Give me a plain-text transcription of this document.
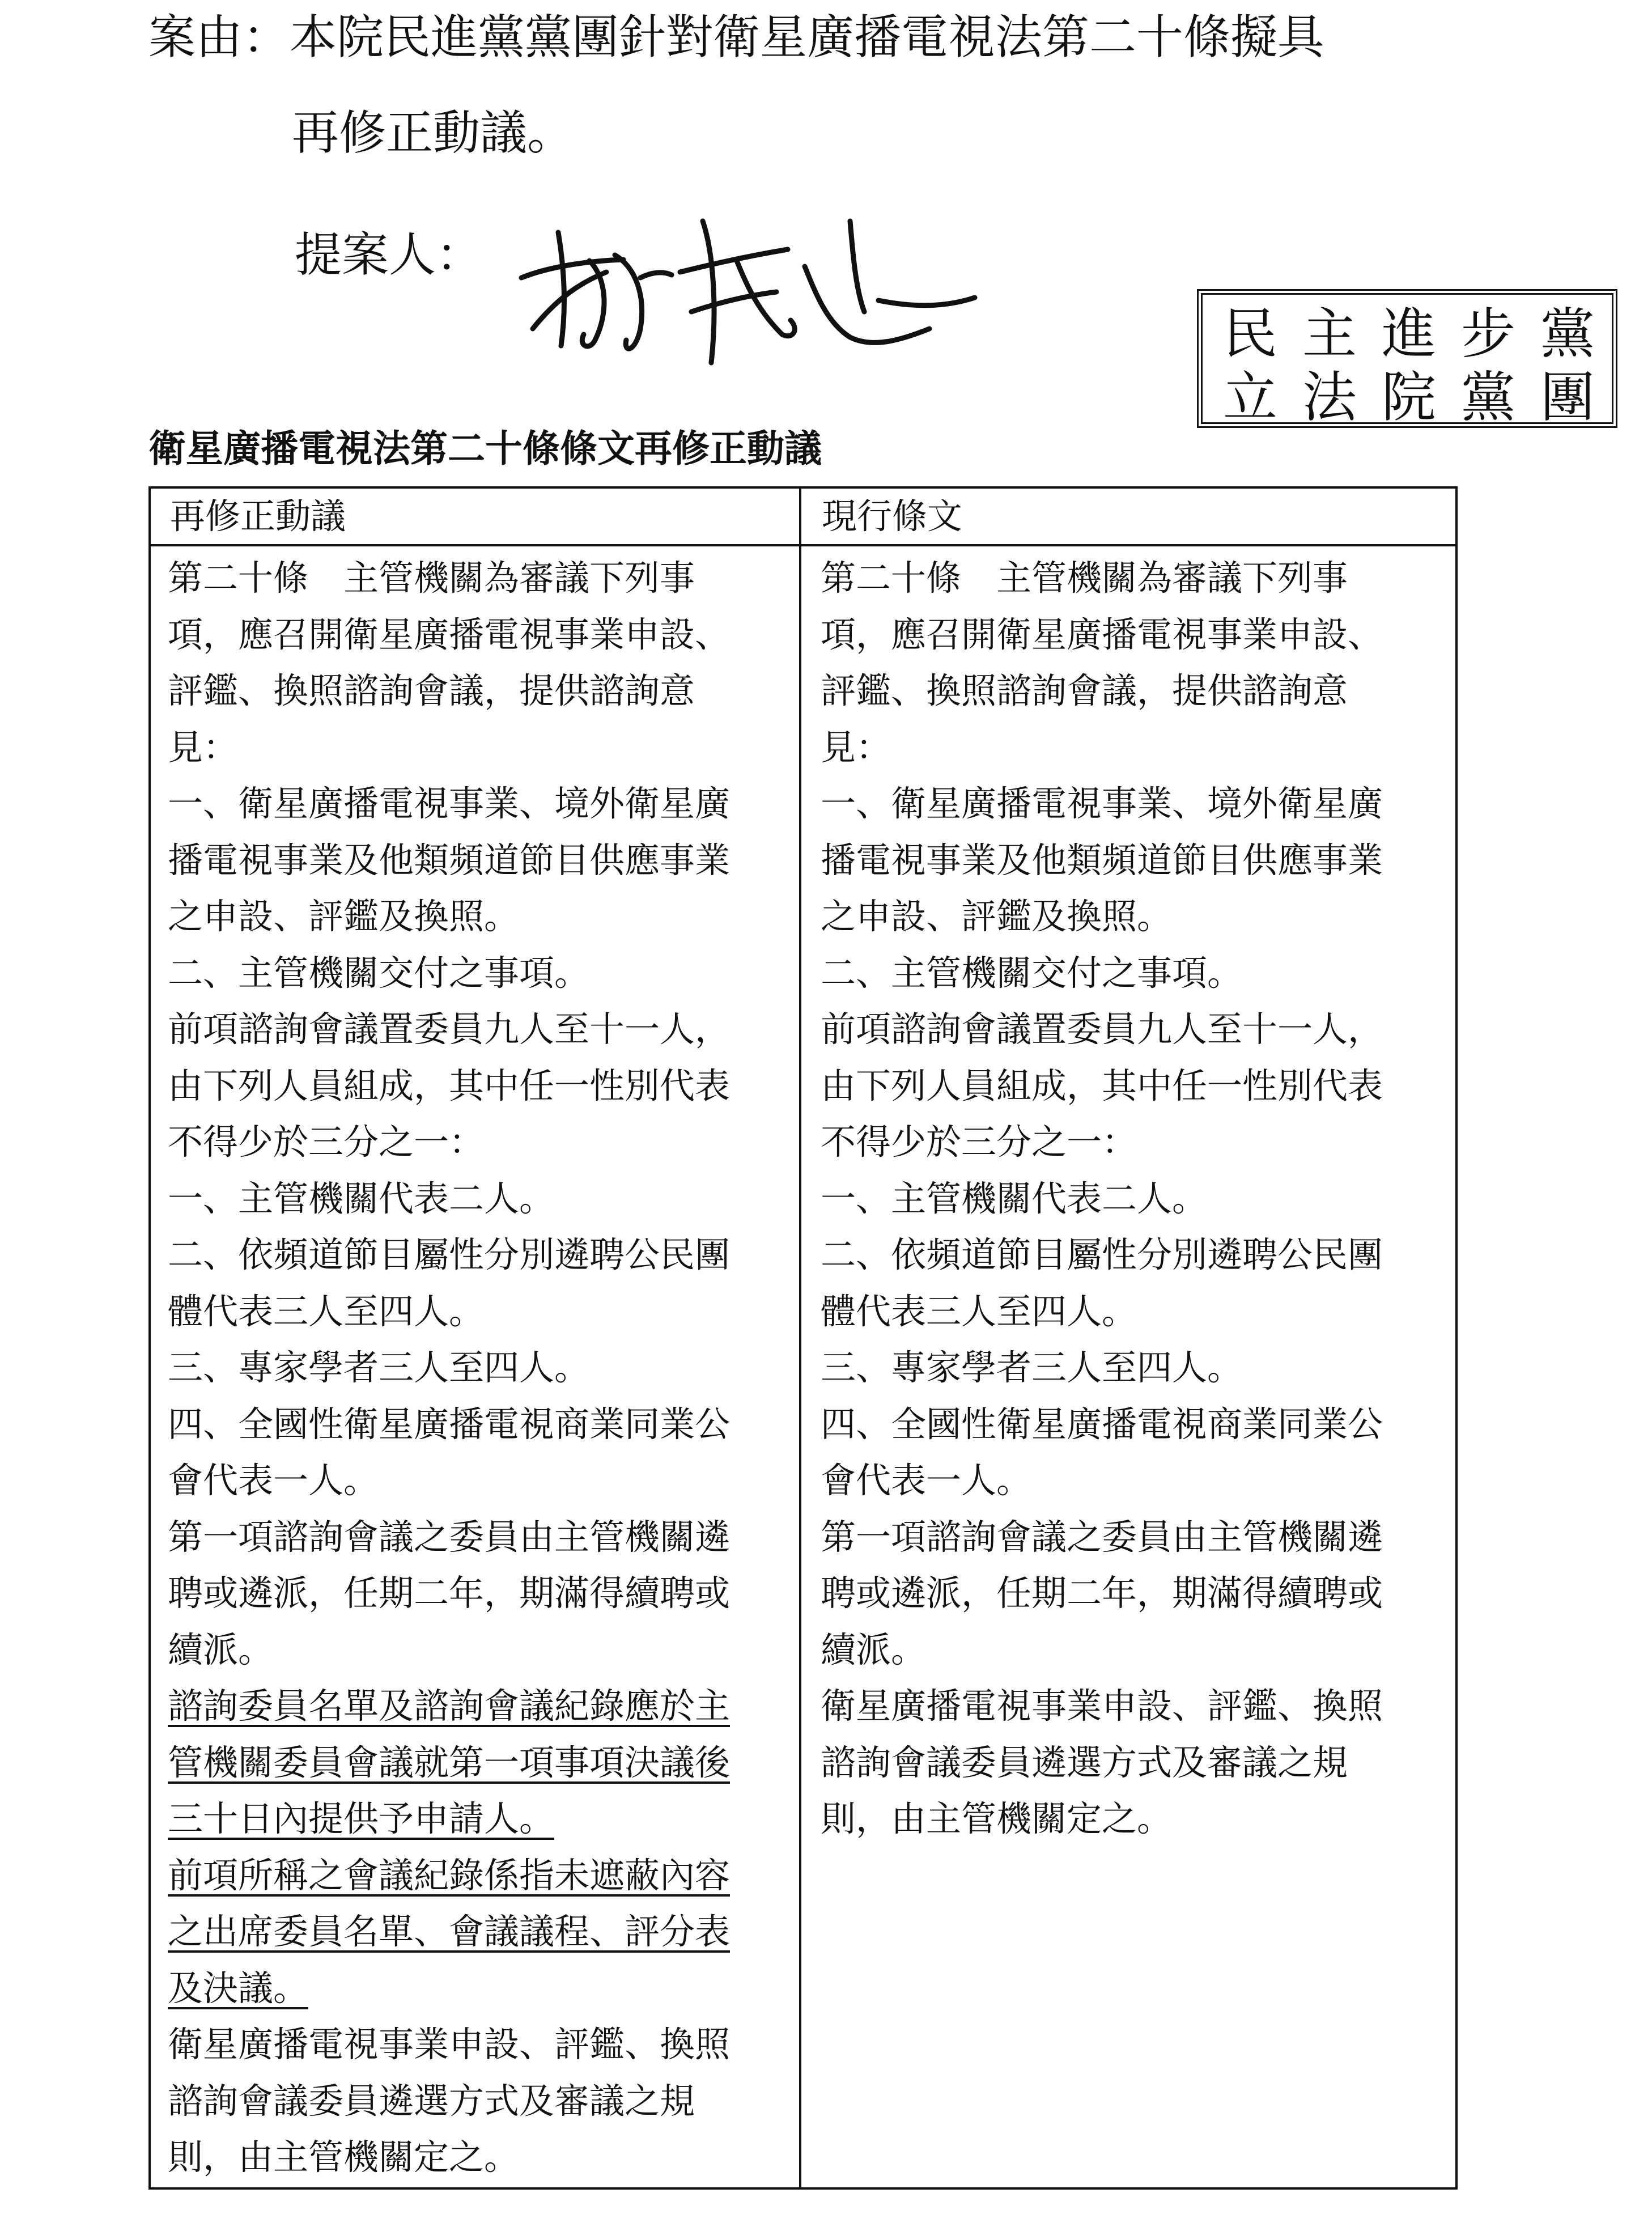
案由：本院民進黨黨團針對衛星廣播電視法第二十條擬具
再修正動議。
提案人：
民 主 進 步 黨
立 法 院 黨 團
衛星廣播電視法第二十條條文再修正動議
再修正動議	現行條文

第二十條　主管機關為審議下列事

項，應召開衛星廣播電視事業申設、

評鑑、換照諮詢會議，提供諮詢意

見：

一、衛星廣播電視事業、境外衛星廣

播電視事業及他類頻道節目供應事業

之申設、評鑑及換照。

二、主管機關交付之事項。

前項諮詢會議置委員九人至十一人，

由下列人員組成，其中任一性別代表

不得少於三分之一：

一、主管機關代表二人。

二、依頻道節目屬性分別遴聘公民團

體代表三人至四人。

三、專家學者三人至四人。

四、全國性衛星廣播電視商業同業公

會代表一人。

第一項諮詢會議之委員由主管機關遴

聘或遴派，任期二年，期滿得續聘或

續派。

諮詢委員名單及諮詢會議紀錄應於主

管機關委員會議就第一項事項決議後

三十日內提供予申請人。

前項所稱之會議紀錄係指未遮蔽內容

之出席委員名單、會議議程、評分表

及決議。

衛星廣播電視事業申設、評鑑、換照

諮詢會議委員遴選方式及審議之規

則，由主管機關定之。

第二十條　主管機關為審議下列事

項，應召開衛星廣播電視事業申設、

評鑑、換照諮詢會議，提供諮詢意

見：

一、衛星廣播電視事業、境外衛星廣

播電視事業及他類頻道節目供應事業

之申設、評鑑及換照。

二、主管機關交付之事項。

前項諮詢會議置委員九人至十一人，

由下列人員組成，其中任一性別代表

不得少於三分之一：

一、主管機關代表二人。

二、依頻道節目屬性分別遴聘公民團

體代表三人至四人。

三、專家學者三人至四人。

四、全國性衛星廣播電視商業同業公

會代表一人。

第一項諮詢會議之委員由主管機關遴

聘或遴派，任期二年，期滿得續聘或

續派。

衛星廣播電視事業申設、評鑑、換照

諮詢會議委員遴選方式及審議之規

則，由主管機關定之。
